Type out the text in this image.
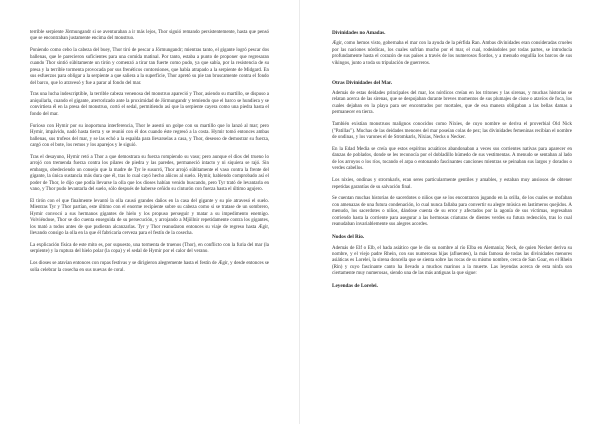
terrible serpiente Jörmungandr si se aventuraban a ir más lejos, Thor siguió remando persistentemente, hasta que pensó que se encontraban justamente encima del monstruo.

Poniendo como cebo la cabeza del buey, Thor tiró de pescar a Jörmungandr; mientras tanto, el gigante logró pescar dos ballenas, que le parecieron suficientes para una comida matinal. Por tanto, estaba a punto de proponer que regresaran cuando Thor sintió súbitamente un tirón y comenzó a tirar tan fuerte como pudo, ya que sabía, por la resistencia de su presa y la terrible tormenta provocada por sus frenéticos contorsiones, que había atrapado a la serpiente de Midgard. En sus esfuerzos para obligar a la serpiente a que saliera a la superficie, Thor apretó su pie tan bruscamente contra el fondo del barco, que lo atravesó y fue a parar al fondo del mar.

Tras una lucha indescriptible, la terrible cabeza venenosa del monstruo apareció y Thor, asiendo su martillo, se dispuso a aniquilarla, cuando el gigante, aterrorizado ante la proximidad de Jörmungandr y temiendo que el barco se hundiera y se convirtiera él en la presa del monstruo, cortó el sedal, permitiendo así que la serpiente cayera como una piedra hasta el fondo del mar.

Furioso con Hymir por su inoportuna interferencia, Thor le asestó un golpe con su martillo que lo lanzó al mar; pero Hymir, impávido, nadó hasta tierra y se reunió con él dos cuando éste regresó a la costa. Hymir tomó entonces ambas ballenas, sus trofeos del mar, y se las echó a la espalda para llevarselas a casa, y Thor, deseoso de demostrar su fuerza, cargó con el bote, los remos y los aparejos y le siguió.

Tras el desayuno, Hymir retó a Thor a que demostrara su fuerza rompiendo su vaso; pero aunque el dios del trueno lo arrojó con tremenda fuerza contra los pilares de piedra y las paredes, permaneció intacto y ni siquiera se rajó. Sin embargo, obedeciendo un consejo que la madre de Tyr le susurró, Thor arrojó súbitamente el vaso contra la frente del gigante, la única sustancia más dura que él, tras lo cual cayó hecho añicos al suelo. Hymir, habiendo comprobado así el poder de Thor, le dijo que podía llevarse la olla que los dioses habían venido buscando, pero Tyr trató de levantarla en vano, y Thor pudo levantarla del suelo, sólo después de haberse ceñido su cinturón con fuerza hasta el último agujero.

El tirón con el que finalmente levantó la olla causó grandes daños en la casa del gigante y su pie atravesó el suelo. Mientras Tyr y Thor partían, este último con el enorme recipiente sobre su cabeza como si se tratase de un sombrero, Hymir convocó a sus hermanos gigantes de hielo y los propuso perseguir y matar a su impedimento enemigo. Volviéndose, Thor se dio cuenta enseguida de su persecución, y arrojando a Mjöllnir repetidamente contra los gigantes, los mató a todos antes de que pudieran alcanzarlas. Tyr y Thor reanudaron entonces su viaje de regreso hasta Ægir, llevando consigo la olla en la que él fabricaría cerveza para el festín de la cosecha.

La explicación física de este mito es, por supuesto, una tormenta de truenos (Thor), en conflicto con la furia del mar (la serpiente) y la ruptura del hielo polar (la copa) y el sedal de Hymir por el calor del verano.

Los dioses se atavían entonces con ropas festivas y se dirigieron alegremente hasta el festín de Ægir, y desde entonces se solía celebrar la cosecha en sus nuevas de coral.

Divinidades no Amadas.

Ægir, como hemos visto, gobernaba el mar con la ayuda de la pérfida Ran. Ambas divinidades eran consideradas crueles por las naciones nórdicas, los cuales sufrían mucho por el mar, el cual, rodeándoles por todas partes, se introducía profundamente hasta el corazón de sus países a través de los numerosos fiordos, y a menudo engullía los barcos de sus vikingos, junto a toda su tripulación de guerreros.

Otras Divinidades del Mar.

Además de estas deidades principales del mar, los nórdicos creían en los tritones y las sirenas, y muchas historias se relatan acerca de las sirenas, que se despojaban durante breves momentos de sus plumajes de cisne o atavíos de foca, los cuales dejaban en la playa para ser encontrados por mortales, que de esa manera obligaban a las bellas damas a permanecer en tierra.

También existían monstruos malignos conocidos como Nixies, de cuyo nombre se deriva el proverbial Old Nick ("Patillas"). Muchas de las deidades menores del mar poseían colas de pez; las divinidades femeninas recibían el nombre de ondinas, y los varones el de Stromkarls, Nixias, Necks o Necker.

En la Edad Media se creía que estos espíritus acuáticos abandonaban a veces sus corrientes nativas para aparecer en danzas de poblados, donde se les reconocía por el dobladillo húmedo de sus vestimentas. A menudo se sentaban al lado de los arroyos o los ríos, tocando el arpa o entonando fascinantes canciones mientras se peinaban sus largos y dorados o verdes cabellos.

Los nixies, ondinas y strornkarls, eran seres particularmente gentiles y amables, y estaban muy ansiosos de obtener repetidas garantías de su salvación final.

Se cuentan muchas historias de sacerdotes o niños que se los encontraron jugando en la orilla, de los cuales se mofaban con amenazas de una futura condenación, lo cual nunca fallaba para convertir su alegre música en lastimeros quejidos. A menudo, los sacerdotes o niños, dándose cuenta de su error y afectados por la agonía de sus víctimas, regresaban corriendo hasta la corriente para asegurar a las hermosas criaturas de dientes verdes su futura redención, tras lo cual reanudaban invariablemente sus alegres acordes.

Nodos del Río.

Además de Elf o Elb, el hada asiático que le dio su nombre al río Elba en Alemania; Neck, de quien Necker deriva su nombre, y el viejo padre Rhein, con sus numerosas hijas (afluentes), la más famosa de todas las divinidades menores asiáticas es Lorelei, la sirena doncella que se sienta sobre las rocas de su mismo nombre, cerca de San Goar, en el Rhein (Rin) y cuyo fascinante canto ha llevado a muchos marinos a la muerte. Las leyendas acerca de esta ninfa son ciertamente muy numerosas, siendo una de las más antiguas la que sigue:

Leyendas de Lorelei.
